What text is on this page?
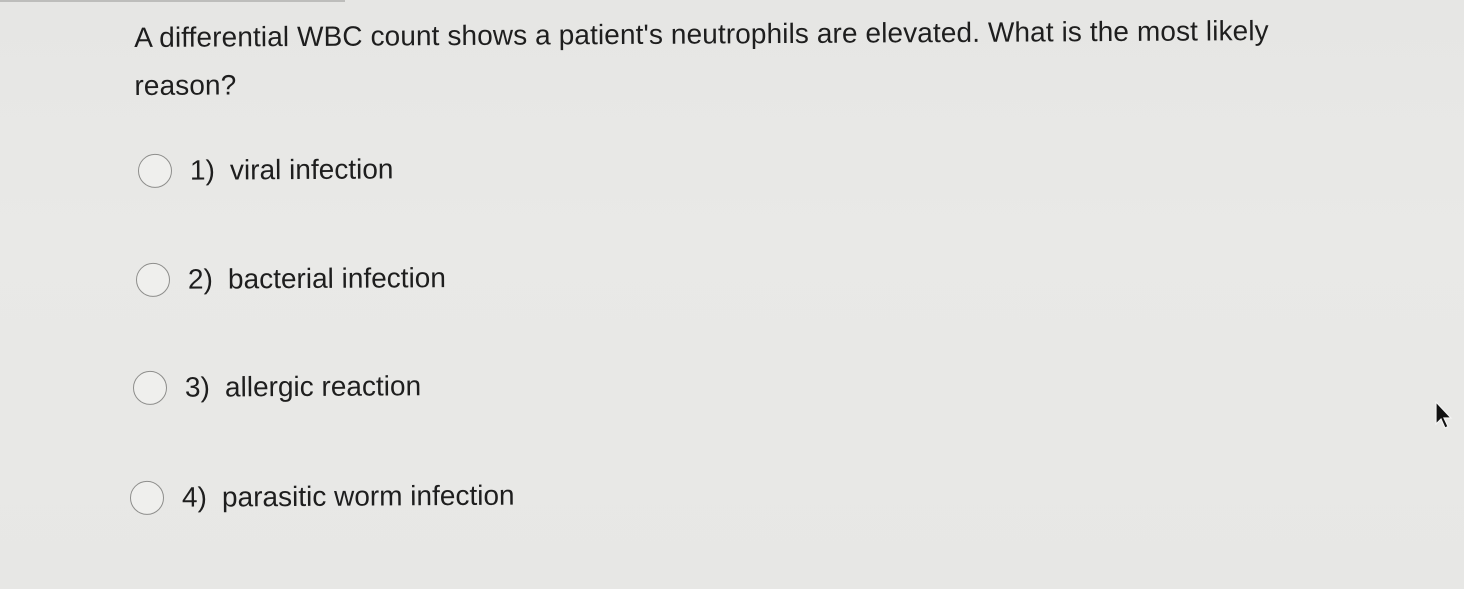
A differential WBC count shows a patient's neutrophils are elevated. What is the most likely reason?
1) viral infection
2) bacterial infection
3) allergic reaction
4) parasitic worm infection
